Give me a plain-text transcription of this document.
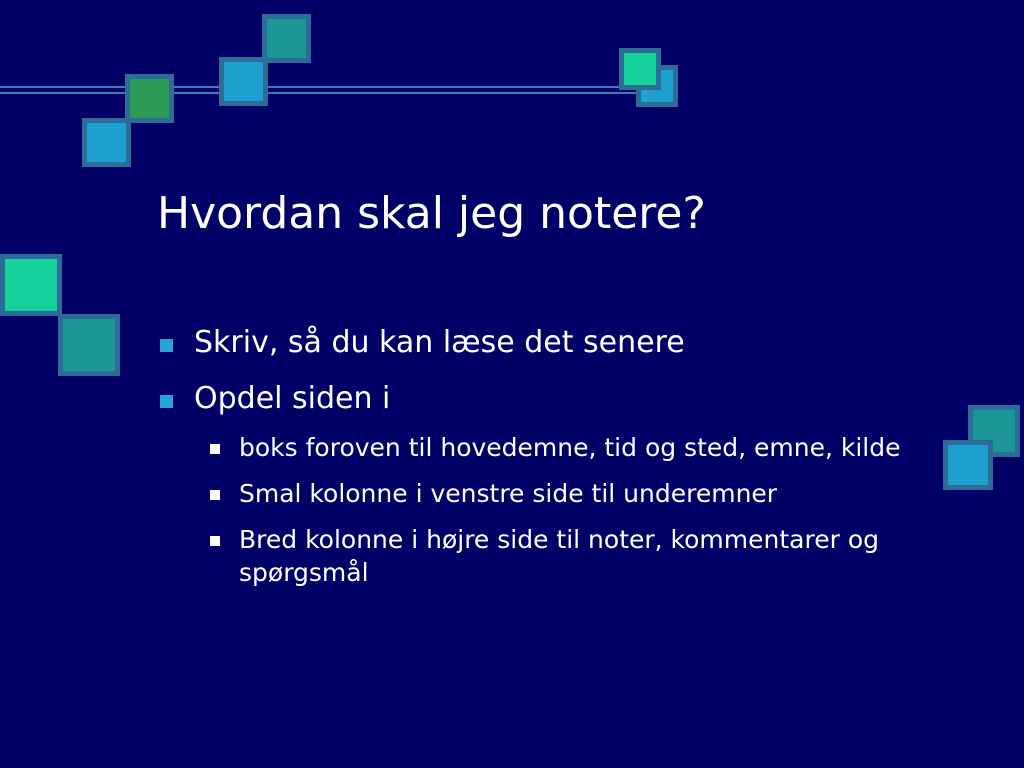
Hvordan skal jeg notere?
Skriv, så du kan læse det senere
Opdel siden i
boks foroven til hovedemne, tid og sted, emne, kilde
Smal kolonne i venstre side til underemner
Bred kolonne i højre side til noter, kommentarer og spørgsmål
